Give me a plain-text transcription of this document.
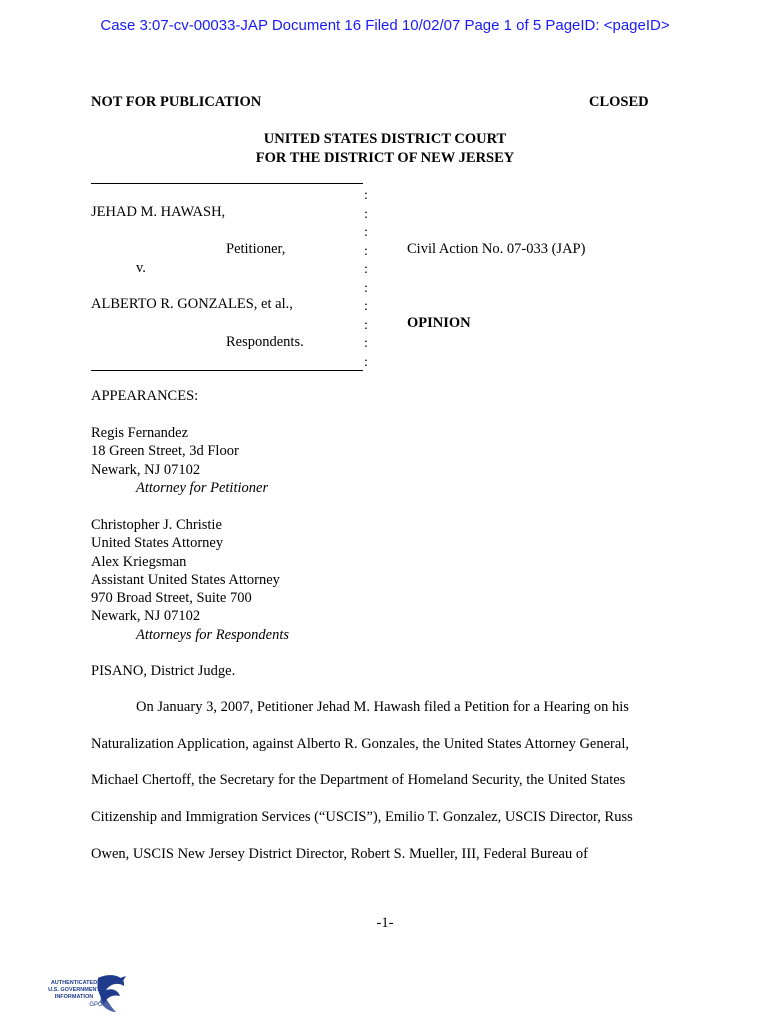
Case 3:07-cv-00033-JAP Document 16 Filed 10/02/07 Page 1 of 5 PageID: <pageID>
NOT FOR PUBLICATION	CLOSED
UNITED STATES DISTRICT COURT
FOR THE DISTRICT OF NEW JERSEY
:
:
:
:
:
:
:
:
:
:
JEHAD M. HAWASH,
Petitioner,
v.
ALBERTO R. GONZALES, et al.,
Respondents.
Civil Action No. 07-033 (JAP)
OPINION
APPEARANCES:
Regis Fernandez
18 Green Street, 3d Floor
Newark, NJ 07102
Attorney for Petitioner
Christopher J. Christie
United States Attorney
Alex Kriegsman
Assistant United States Attorney
970 Broad Street, Suite 700
Newark, NJ 07102
Attorneys for Respondents
PISANO, District Judge.
On January 3, 2007, Petitioner Jehad M. Hawash filed a Petition for a Hearing on his
Naturalization Application, against Alberto R. Gonzales, the United States Attorney General,
Michael Chertoff, the Secretary for the Department of Homeland Security, the United States
Citizenship and Immigration Services (“USCIS”), Emilio T. Gonzalez, USCIS Director, Russ
Owen, USCIS New Jersey District Director, Robert S. Mueller, III, Federal Bureau of
-1-
AUTHENTICATED
U.S. GOVERNMENT
INFORMATION
GPO
